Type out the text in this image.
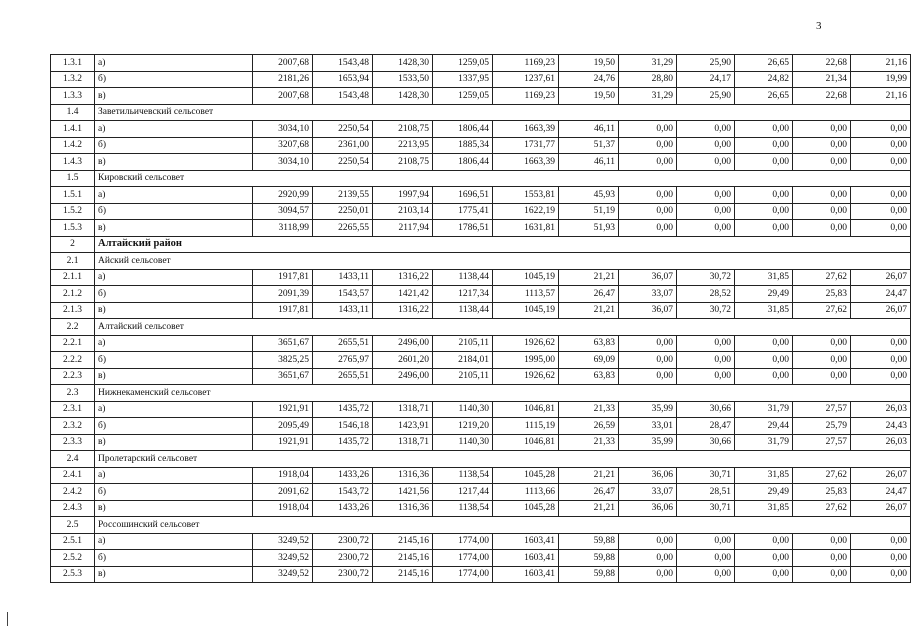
3
1.3.1	а)	2007,68	1543,48	1428,30	1259,05	1169,23	19,50	31,29	25,90	26,65	22,68	21,16
1.3.2	б)	2181,26	1653,94	1533,50	1337,95	1237,61	24,76	28,80	24,17	24,82	21,34	19,99
1.3.3	в)	2007,68	1543,48	1428,30	1259,05	1169,23	19,50	31,29	25,90	26,65	22,68	21,16
1.4	Заветильичевский сельсовет											
1.4.1	а)	3034,10	2250,54	2108,75	1806,44	1663,39	46,11	0,00	0,00	0,00	0,00	0,00
1.4.2	б)	3207,68	2361,00	2213,95	1885,34	1731,77	51,37	0,00	0,00	0,00	0,00	0,00
1.4.3	в)	3034,10	2250,54	2108,75	1806,44	1663,39	46,11	0,00	0,00	0,00	0,00	0,00
1.5	Кировский сельсовет											
1.5.1	а)	2920,99	2139,55	1997,94	1696,51	1553,81	45,93	0,00	0,00	0,00	0,00	0,00
1.5.2	б)	3094,57	2250,01	2103,14	1775,41	1622,19	51,19	0,00	0,00	0,00	0,00	0,00
1.5.3	в)	3118,99	2265,55	2117,94	1786,51	1631,81	51,93	0,00	0,00	0,00	0,00	0,00
2	Алтайский район											
2.1	Айский сельсовет											
2.1.1	а)	1917,81	1433,11	1316,22	1138,44	1045,19	21,21	36,07	30,72	31,85	27,62	26,07
2.1.2	б)	2091,39	1543,57	1421,42	1217,34	1113,57	26,47	33,07	28,52	29,49	25,83	24,47
2.1.3	в)	1917,81	1433,11	1316,22	1138,44	1045,19	21,21	36,07	30,72	31,85	27,62	26,07
2.2	Алтайский сельсовет											
2.2.1	а)	3651,67	2655,51	2496,00	2105,11	1926,62	63,83	0,00	0,00	0,00	0,00	0,00
2.2.2	б)	3825,25	2765,97	2601,20	2184,01	1995,00	69,09	0,00	0,00	0,00	0,00	0,00
2.2.3	в)	3651,67	2655,51	2496,00	2105,11	1926,62	63,83	0,00	0,00	0,00	0,00	0,00
2.3	Нижнекаменский сельсовет											
2.3.1	а)	1921,91	1435,72	1318,71	1140,30	1046,81	21,33	35,99	30,66	31,79	27,57	26,03
2.3.2	б)	2095,49	1546,18	1423,91	1219,20	1115,19	26,59	33,01	28,47	29,44	25,79	24,43
2.3.3	в)	1921,91	1435,72	1318,71	1140,30	1046,81	21,33	35,99	30,66	31,79	27,57	26,03
2.4	Пролетарский сельсовет											
2.4.1	а)	1918,04	1433,26	1316,36	1138,54	1045,28	21,21	36,06	30,71	31,85	27,62	26,07
2.4.2	б)	2091,62	1543,72	1421,56	1217,44	1113,66	26,47	33,07	28,51	29,49	25,83	24,47
2.4.3	в)	1918,04	1433,26	1316,36	1138,54	1045,28	21,21	36,06	30,71	31,85	27,62	26,07
2.5	Россошинский сельсовет											
2.5.1	а)	3249,52	2300,72	2145,16	1774,00	1603,41	59,88	0,00	0,00	0,00	0,00	0,00
2.5.2	б)	3249,52	2300,72	2145,16	1774,00	1603,41	59,88	0,00	0,00	0,00	0,00	0,00
2.5.3	в)	3249,52	2300,72	2145,16	1774,00	1603,41	59,88	0,00	0,00	0,00	0,00	0,00
